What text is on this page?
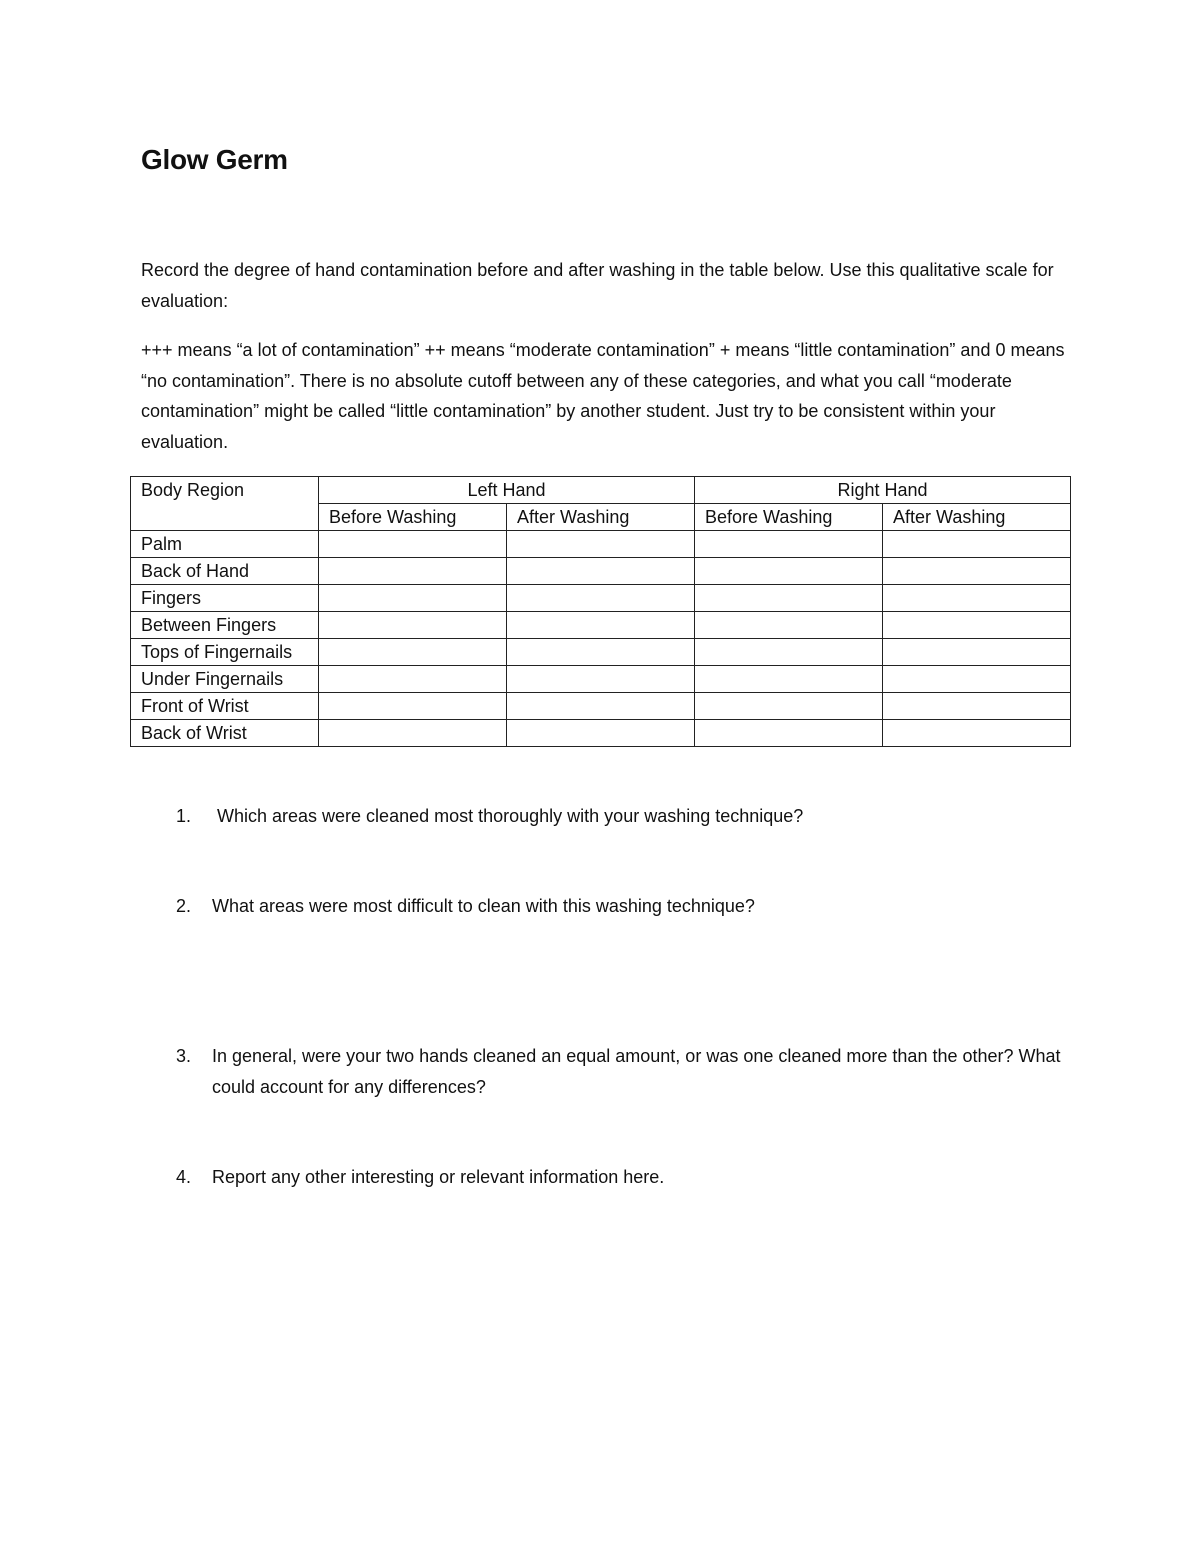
Glow Germ
Record the degree of hand contamination before and after washing in the table below. Use this qualitative scale for evaluation:
+++ means “a lot of contamination” ++ means “moderate contamination” + means “little contamination” and 0 means “no contamination”. There is no absolute cutoff between any of these categories, and what you call “moderate contamination” might be called “little contamination” by another student. Just try to be consistent within your evaluation.
Body Region	Left Hand		Right Hand	
	Before Washing	After Washing	Before Washing	After Washing
Palm				
Back of Hand				
Fingers				
Between Fingers				
Tops of Fingernails				
Under Fingernails				
Front of Wrist				
Back of Wrist				
1. Which areas were cleaned most thoroughly with your washing technique?
2. What areas were most difficult to clean with this washing technique?
3. In general, were your two hands cleaned an equal amount, or was one cleaned more than the other? What could account for any differences?
4. Report any other interesting or relevant information here.
